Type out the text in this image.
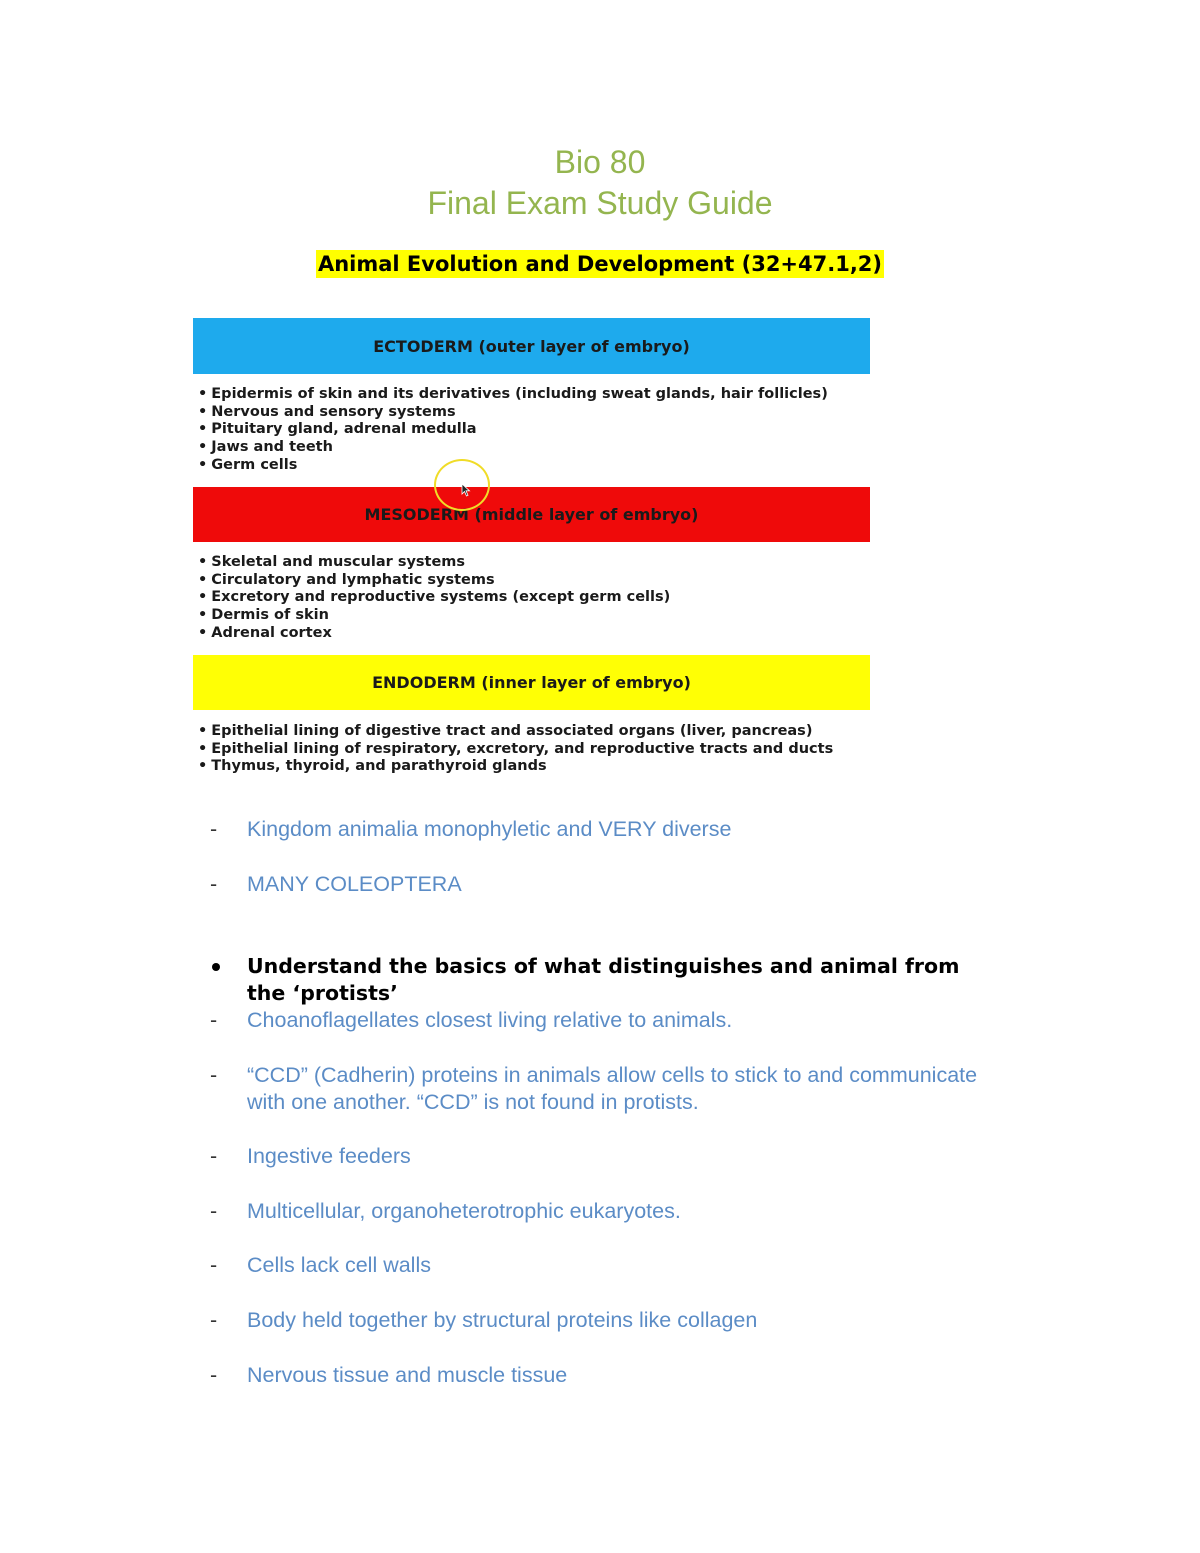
Bio 80
Final Exam Study Guide
Animal Evolution and Development (32+47.1,2)
ECTODERM (outer layer of embryo)
• Epidermis of skin and its derivatives (including sweat glands, hair follicles)
• Nervous and sensory systems
• Pituitary gland, adrenal medulla
• Jaws and teeth
• Germ cells
MESODERM (middle layer of embryo)
• Skeletal and muscular systems
• Circulatory and lymphatic systems
• Excretory and reproductive systems (except germ cells)
• Dermis of skin
• Adrenal cortex
ENDODERM (inner layer of embryo)
• Epithelial lining of digestive tract and associated organs (liver, pancreas)
• Epithelial lining of respiratory, excretory, and reproductive tracts and ducts
• Thymus, thyroid, and parathyroid glands
-	Kingdom animalia monophyletic and VERY diverse
-	MANY COLEOPTERA
Understand the basics of what distinguishes and animal from the ‘protists’
-	Choanoflagellates closest living relative to animals.
-	“CCD” (Cadherin) proteins in animals allow cells to stick to and communicate with one another. “CCD” is not found in protists.
-	Ingestive feeders
-	Multicellular, organoheterotrophic eukaryotes.
-	Cells lack cell walls
-	Body held together by structural proteins like collagen
-	Nervous tissue and muscle tissue
